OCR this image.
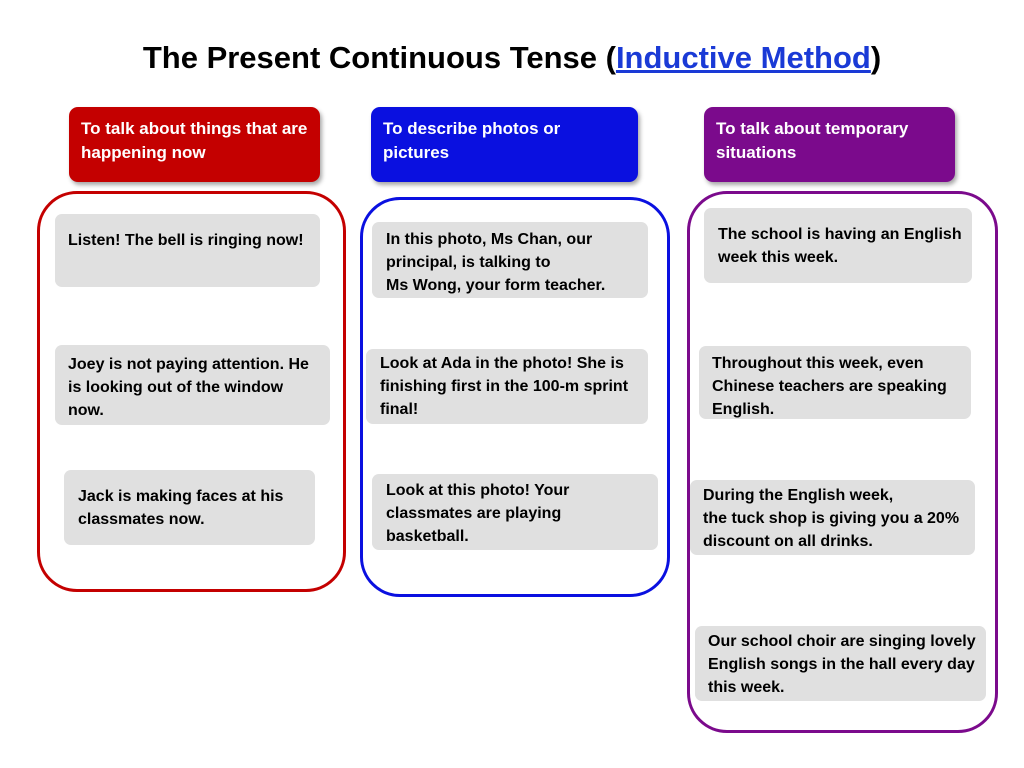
The Present Continuous Tense (Inductive Method)
To talk about things that are happening now
Listen! The bell is ringing now!
Joey is not paying attention. He is looking out of the window now.
Jack is making faces at his classmates now.
To describe photos or pictures
In this photo, Ms Chan, our principal, is talking to
Ms Wong, your form teacher.
Look at Ada in the photo! She is finishing first in the 100-m sprint final!
Look at this photo! Your classmates are playing
basketball.
To talk about temporary situations
The school is having an English week this week.
Throughout this week, even Chinese teachers are speaking English.
During the English week,
the tuck shop is giving you a 20% discount on all drinks.
Our school choir are singing lovely English songs in the hall every day this week.
